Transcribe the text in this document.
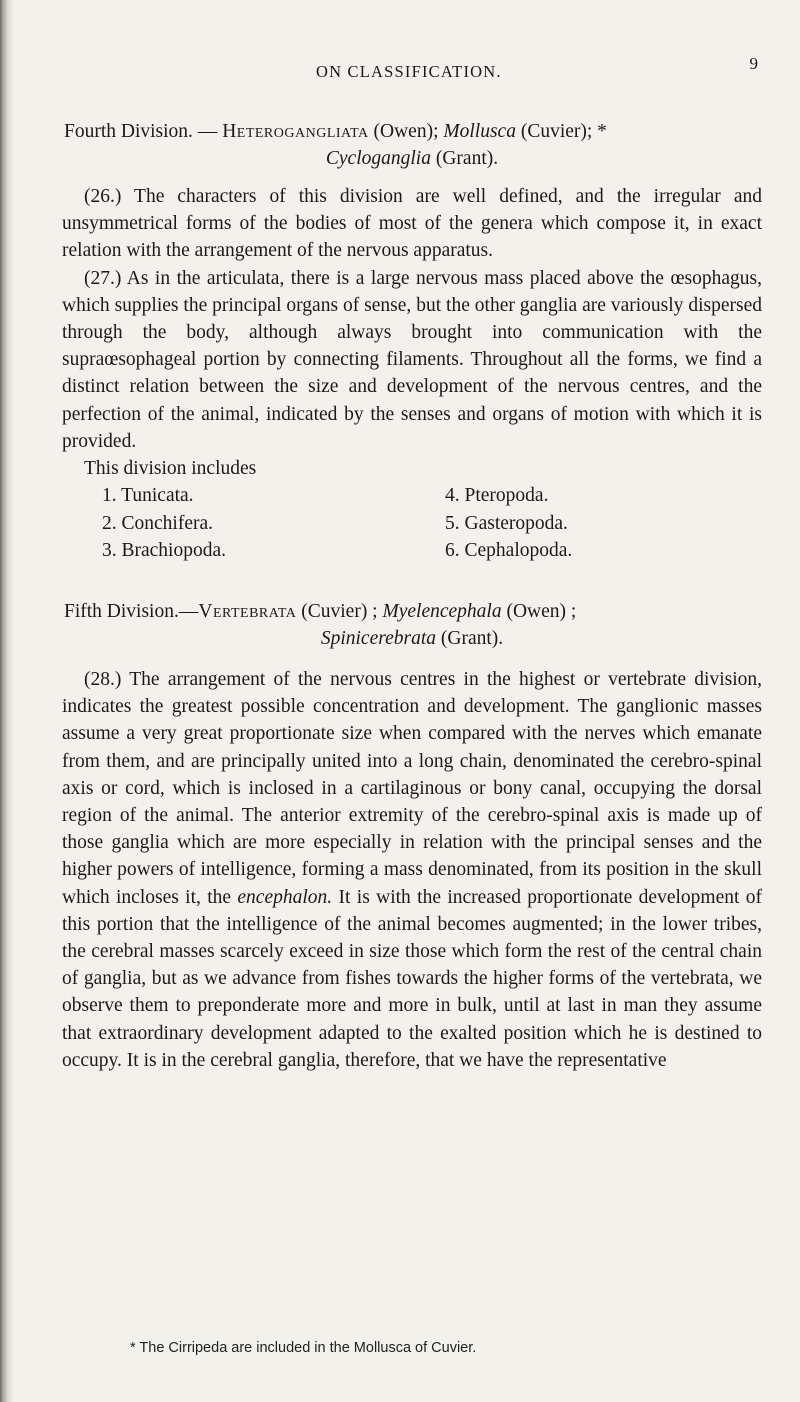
ON CLASSIFICATION.	9

Fourth Division. — Heterogangliata (Owen); Mollusca (Cuvier); *
Cycloganglia (Grant).

(26.) The characters of this division are well defined, and the irregular and unsymmetrical forms of the bodies of most of the genera which compose it, in exact relation with the arrangement of the nervous apparatus.

(27.) As in the articulata, there is a large nervous mass placed above the œsophagus, which supplies the principal organs of sense, but the other ganglia are variously dispersed through the body, although always brought into communication with the supraœsophageal portion by connecting filaments. Throughout all the forms, we find a distinct relation between the size and development of the nervous centres, and the perfection of the animal, indicated by the senses and organs of motion with which it is provided.

This division includes

1. Tunicata.
2. Conchifera.
3. Brachiopoda.
4. Pteropoda.
5. Gasteropoda.
6. Cephalopoda.

Fifth Division.—Vertebrata (Cuvier) ; Myelencephala (Owen) ;
Spinicerebrata (Grant).

(28.) The arrangement of the nervous centres in the highest or vertebrate division, indicates the greatest possible concentration and development. The ganglionic masses assume a very great proportionate size when compared with the nerves which emanate from them, and are principally united into a long chain, denominated the cerebro-spinal axis or cord, which is inclosed in a cartilaginous or bony canal, occupying the dorsal region of the animal. The anterior extremity of the cerebro-spinal axis is made up of those ganglia which are more especially in relation with the principal senses and the higher powers of intelligence, forming a mass denominated, from its position in the skull which incloses it, the encephalon. It is with the increased proportionate development of this portion that the intelligence of the animal becomes augmented; in the lower tribes, the cerebral masses scarcely exceed in size those which form the rest of the central chain of ganglia, but as we advance from fishes towards the higher forms of the vertebrata, we observe them to preponderate more and more in bulk, until at last in man they assume that extraordinary development adapted to the exalted position which he is destined to occupy. It is in the cerebral ganglia, therefore, that we have the representative

* The Cirripeda are included in the Mollusca of Cuvier.
